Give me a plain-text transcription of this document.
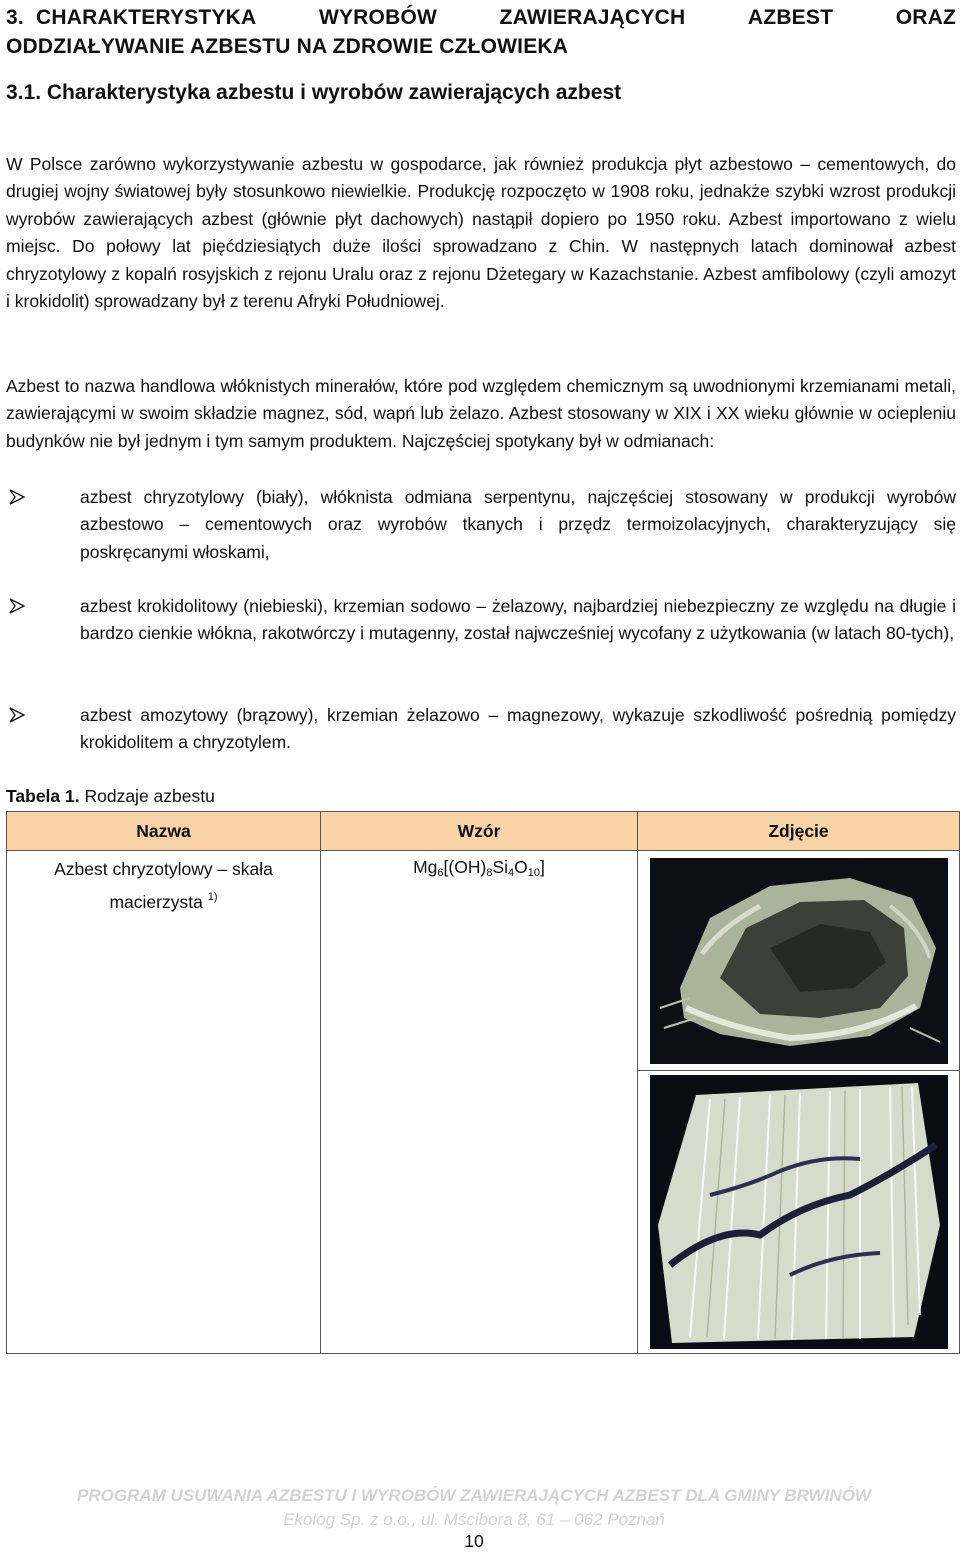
3.  CHARAKTERYSTYKA	WYROBÓW	ZAWIERAJĄCYCH	AZBEST	ORAZ
ODDZIAŁYWANIE AZBESTU NA ZDROWIE CZŁOWIEKA
3.1. Charakterystyka azbestu i wyrobów zawierających azbest
W Polsce zarówno wykorzystywanie azbestu w gospodarce, jak również produkcja płyt azbestowo – cementowych, do drugiej wojny światowej były stosunkowo niewielkie. Produkcję rozpoczęto w 1908 roku, jednakże szybki wzrost produkcji wyrobów zawierających azbest (głównie płyt dachowych) nastąpił dopiero po 1950 roku. Azbest importowano z wielu miejsc. Do połowy lat pięćdziesiątych duże ilości sprowadzano z Chin. W następnych latach dominował azbest chryzotylowy z kopalń rosyjskich z rejonu Uralu oraz z rejonu Dżetegary w Kazachstanie. Azbest amfibolowy (czyli amozyt i krokidolit) sprowadzany był z terenu Afryki Południowej.
Azbest to nazwa handlowa włóknistych minerałów, które pod względem chemicznym są uwodnionymi krzemianami metali, zawierającymi w swoim składzie magnez, sód, wapń lub żelazo. Azbest stosowany w XIX i XX wieku głównie w ociepleniu budynków nie był jednym i tym samym produktem. Najczęściej spotykany był w odmianach:
azbest chryzotylowy (biały), włóknista odmiana serpentynu, najczęściej stosowany w produkcji wyrobów azbestowo – cementowych oraz wyrobów tkanych i przędz termoizolacyjnych, charakteryzujący się poskręcanymi włoskami,
azbest krokidolitowy (niebieski), krzemian sodowo – żelazowy, najbardziej niebezpieczny ze względu na długie i bardzo cienkie włókna, rakotwórczy i mutagenny, został najwcześniej wycofany z użytkowania (w latach 80-tych),
azbest amozytowy (brązowy), krzemian żelazowo – magnezowy, wykazuje szkodliwość pośrednią pomiędzy krokidolitem a chryzotylem.
Tabela 1. Rodzaje azbestu
Nazwa	Wzór	Zdjęcie
Azbest chryzotylowy – skała macierzysta $^{1)}$	$Mg_6[(OH)_8Si_4O_{10}]$	

PROGRAM USUWANIA AZBESTU I WYROBÓW ZAWIERAJĄCYCH AZBEST DLA GMINY BRWINÓW
Ekolog Sp. z o.o., ul. Mścibora 8, 61 – 062 Poznań
10
